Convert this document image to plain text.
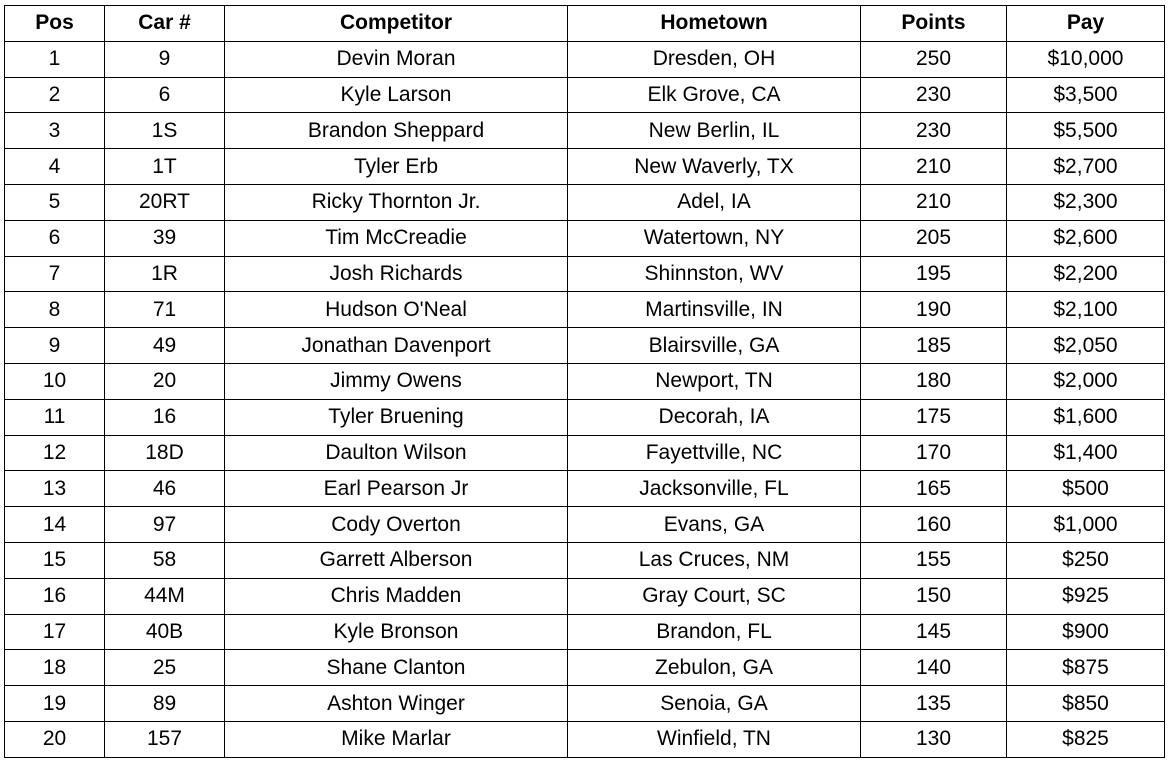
Pos	Car #	Competitor	Hometown	Points	Pay
1	9	Devin Moran	Dresden, OH	250	$10,000
2	6	Kyle Larson	Elk Grove, CA	230	$3,500
3	1S	Brandon Sheppard	New Berlin, IL	230	$5,500
4	1T	Tyler Erb	New Waverly, TX	210	$2,700
5	20RT	Ricky Thornton Jr.	Adel, IA	210	$2,300
6	39	Tim McCreadie	Watertown, NY	205	$2,600
7	1R	Josh Richards	Shinnston, WV	195	$2,200
8	71	Hudson O'Neal	Martinsville, IN	190	$2,100
9	49	Jonathan Davenport	Blairsville, GA	185	$2,050
10	20	Jimmy Owens	Newport, TN	180	$2,000
11	16	Tyler Bruening	Decorah, IA	175	$1,600
12	18D	Daulton Wilson	Fayettville, NC	170	$1,400
13	46	Earl Pearson Jr	Jacksonville, FL	165	$500
14	97	Cody Overton	Evans, GA	160	$1,000
15	58	Garrett Alberson	Las Cruces, NM	155	$250
16	44M	Chris Madden	Gray Court, SC	150	$925
17	40B	Kyle Bronson	Brandon, FL	145	$900
18	25	Shane Clanton	Zebulon, GA	140	$875
19	89	Ashton Winger	Senoia, GA	135	$850
20	157	Mike Marlar	Winfield, TN	130	$825
